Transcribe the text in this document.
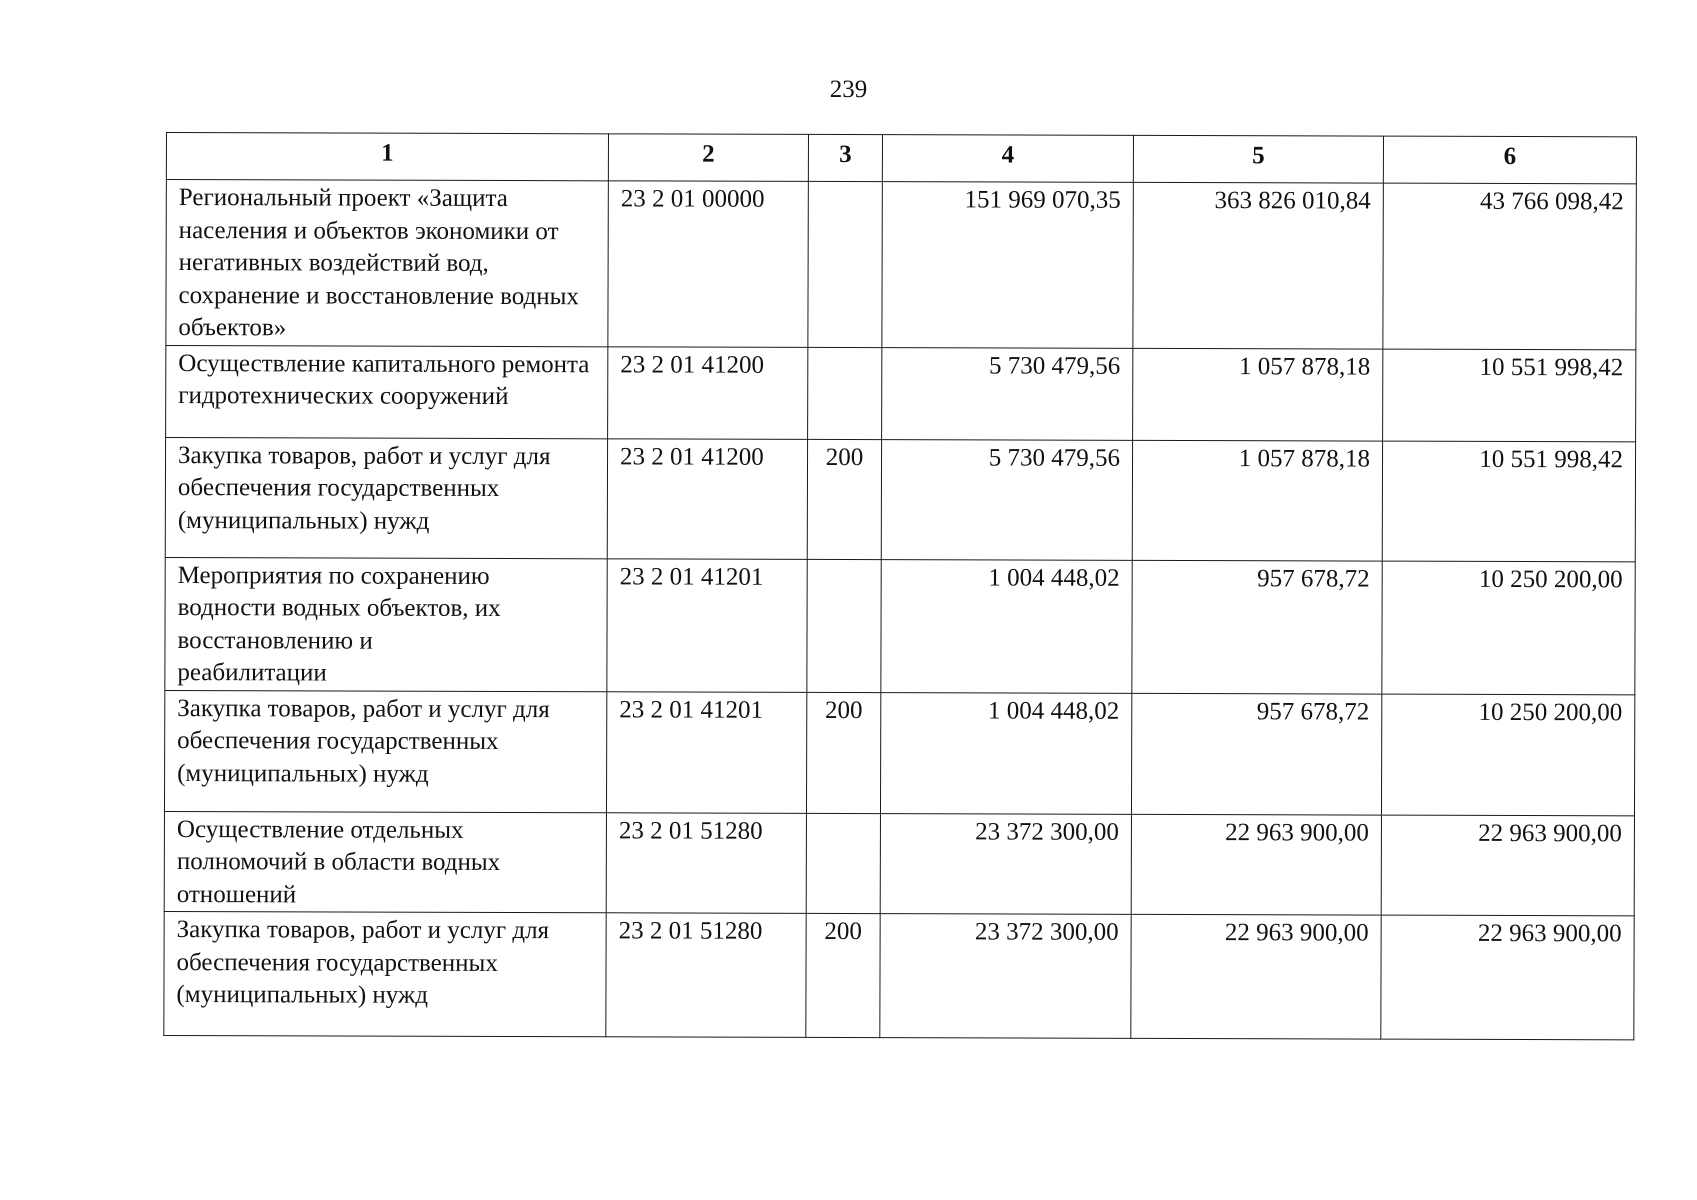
239
1	2	3	4	5	6
Региональный проект «Защита населения и объектов экономики от негативных воздействий вод, сохранение и восстановление водных объектов»	23 2 01 00000		151 969 070,35	363 826 010,84	43 766 098,42
Осуществление капитального ремонта гидротехнических сооружений	23 2 01 41200		5 730 479,56	1 057 878,18	10 551 998,42
Закупка товаров, работ и услуг для обеспечения государственных (муниципальных) нужд	23 2 01 41200	200	5 730 479,56	1 057 878,18	10 551 998,42

Мероприятия по сохранению водности водных объектов, их восстановлению и реабилитации	23 2 01 41201		1 004 448,02	957 678,72	10 250 200,00
Закупка товаров, работ и услуг для обеспечения государственных (муниципальных) нужд	23 2 01 41201	200	1 004 448,02	957 678,72	10 250 200,00
Осуществление отдельных полномочий в области водных отношений	23 2 01 51280		23 372 300,00	22 963 900,00	22 963 900,00
Закупка товаров, работ и услуг для обеспечения государственных (муниципальных) нужд	23 2 01 51280	200	23 372 300,00	22 963 900,00	22 963 900,00
